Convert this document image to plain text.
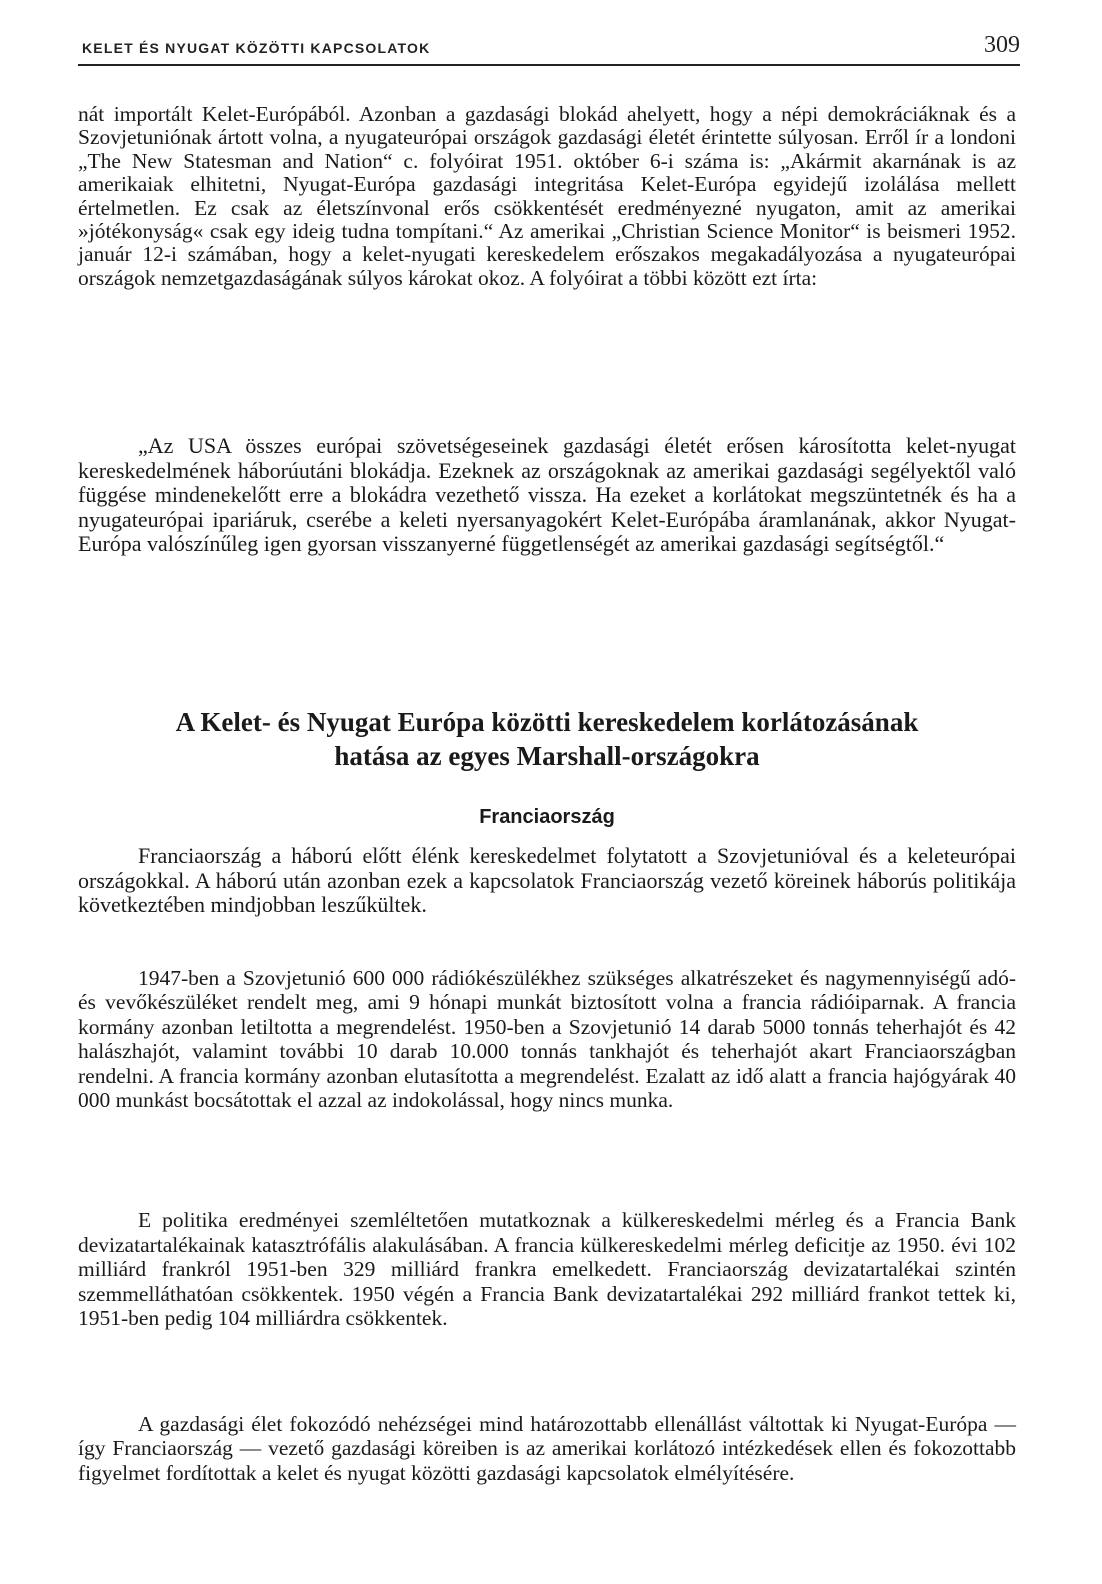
KELET ÉS NYUGAT KÖZÖTTI KAPCSOLATOK	309

nát importált Kelet-Európából. Azonban a gazdasági blokád ahelyett, hogy a népi demokráciáknak és a Szovjetuniónak ártott volna, a nyugateurópai országok gazdasági életét érintette súlyosan. Erről ír a londoni „The New Statesman and Nation“ c. folyóirat 1951. október 6-i száma is: „Akármit akarnának is az amerikaiak elhitetni, Nyugat-Európa gazdasági integritása Kelet-Európa egyidejű izolálása mellett értelmetlen. Ez csak az életszínvonal erős csökkentését eredményezné nyugaton, amit az amerikai »jótékonyság« csak egy ideig tudna tompítani.“ Az amerikai „Christian Science Monitor“ is beismeri 1952. január 12-i számában, hogy a kelet-nyugati kereskedelem erőszakos megakadályozása a nyugateurópai országok nemzetgazdaságának súlyos károkat okoz. A folyóirat a többi között ezt írta:

„Az USA összes európai szövetségeseinek gazdasági életét erősen károsította kelet-nyugat kereskedelmének háborúutáni blokádja. Ezeknek az országoknak az amerikai gazdasági segélyektől való függése mindenekelőtt erre a blokádra vezethető vissza. Ha ezeket a korlátokat megszüntetnék és ha a nyugateurópai ipariáruk, cserébe a keleti nyersanyagokért Kelet-Európába áramlanának, akkor Nyugat-Európa valószínűleg igen gyorsan visszanyerné függetlenségét az amerikai gazdasági segítségtől.“

A Kelet- és Nyugat Európa közötti kereskedelem korlátozásának
hatása az egyes Marshall-országokra
Franciaország

Franciaország a háború előtt élénk kereskedelmet folytatott a Szovjetunióval és a keleteurópai országokkal. A háború után azonban ezek a kapcsolatok Franciaország vezető köreinek háborús politikája következtében mindjobban leszűkültek.

1947-ben a Szovjetunió 600 000 rádiókészülékhez szükséges alkatrészeket és nagymennyiségű adó- és vevőkészüléket rendelt meg, ami 9 hónapi munkát biztosított volna a francia rádióiparnak. A francia kormány azonban letiltotta a megrendelést. 1950-ben a Szovjetunió 14 darab 5000 tonnás teherhajót és 42 halászhajót, valamint további 10 darab 10.000 tonnás tankhajót és teherhajót akart Franciaországban rendelni. A francia kormány azonban elutasította a megrendelést. Ezalatt az idő alatt a francia hajógyárak 40 000 munkást bocsátottak el azzal az indokolással, hogy nincs munka.

E politika eredményei szemléltetően mutatkoznak a külkereskedelmi mérleg és a Francia Bank devizatartalékainak katasztrófális alakulásában. A francia külkereskedelmi mérleg deficitje az 1950. évi 102 milliárd frankról 1951-ben 329 milliárd frankra emelkedett. Franciaország devizatartalékai szintén szemmelláthatóan csökkentek. 1950 végén a Francia Bank devizatartalékai 292 milliárd frankot tettek ki, 1951-ben pedig 104 milliárdra csökkentek.

A gazdasági élet fokozódó nehézségei mind határozottabb ellenállást váltottak ki Nyugat-Európa — így Franciaország — vezető gazdasági köreiben is az amerikai korlátozó intézkedések ellen és fokozottabb figyelmet fordítottak a kelet és nyugat közötti gazdasági kapcsolatok elmélyítésére.
